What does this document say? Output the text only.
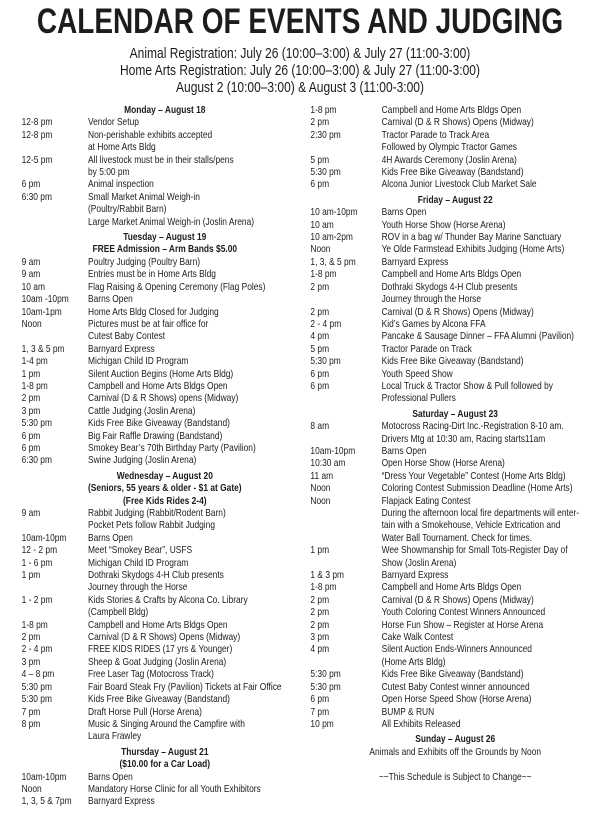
CALENDAR OF EVENTS AND JUDGING
Animal Registration: July 26 (10:00–3:00) & July 27 (11:00-3:00)
Home Arts Registration: July 26 (10:00–3:00) & July 27 (11:00-3:00)
August 2 (10:00–3:00) & August 3 (11:00-3:00)
Monday – August 18
12-8 pm	Vendor Setup
12-8 pm	Non-perishable exhibits accepted
at Home Arts Bldg
12-5 pm	All livestock must be in their stalls/pens
by 5:00 pm
6 pm	Animal inspection
6:30 pm	Small Market Animal Weigh-in
(Poultry/Rabbit Barn)
Large Market Animal Weigh-in (Joslin Arena)
Tuesday – August 19
FREE Admission – Arm Bands $5.00
9 am	Poultry Judging (Poultry Barn)
9 am	Entries must be in Home Arts Bldg
10 am	Flag Raising & Opening Ceremony (Flag Poles)
10am -10pm	Barns Open
10am-1pm	Home Arts Bldg Closed for Judging
Noon	Pictures must be at fair office for
Cutest Baby Contest
1, 3 & 5 pm	Barnyard Express
1-4 pm	Michigan Child ID Program
1 pm	Silent Auction Begins (Home Arts Bldg)
1-8 pm	Campbell and Home Arts Bldgs Open
2 pm	Carnival (D & R Shows) opens (Midway)
3 pm	Cattle Judging (Joslin Arena)
5:30 pm	Kids Free Bike Giveaway (Bandstand)
6 pm	Big Fair Raffle Drawing (Bandstand)
6 pm	Smokey Bear’s 70th Birthday Party (Pavilion)
6:30 pm	Swine Judging (Joslin Arena)
Wednesday – August 20
(Seniors, 55 years & older - $1 at Gate)
(Free Kids Rides 2-4)
9 am	Rabbit Judging (Rabbit/Rodent Barn)
Pocket Pets follow Rabbit Judging
10am-10pm	Barns Open
12 - 2 pm	Meet “Smokey Bear”, USFS
1 - 6 pm	Michigan Child ID Program
1 pm	Dothraki Skydogs 4-H Club presents
Journey through the Horse
1 - 2 pm	Kids Stories & Crafts by Alcona Co. Library
(Campbell Bldg)
1-8 pm	Campbell and Home Arts Bldgs Open
2 pm	Carnival (D & R Shows) Opens (Midway)
2 - 4 pm	FREE KIDS RIDES (17 yrs & Younger)
3 pm	Sheep & Goat Judging (Joslin Arena)
4 – 8 pm	Free Laser Tag (Motocross Track)
5:30 pm	Fair Board Steak Fry (Pavilion) Tickets at Fair Office
5:30 pm	Kids Free Bike Giveaway (Bandstand)
7 pm	Draft Horse Pull (Horse Arena)
8 pm	Music & Singing Around the Campfire with
Laura Frawley
Thursday – August 21
($10.00 for a Car Load)
10am-10pm	Barns Open
Noon	Mandatory Horse Clinic for all Youth Exhibitors
1, 3, 5 & 7pm	Barnyard Express
1-8 pm	Campbell and Home Arts Bldgs Open
2 pm	Carnival (D & R Shows) Opens (Midway)
2:30 pm	Tractor Parade to Track Area
Followed by Olympic Tractor Games
5 pm	4H Awards Ceremony (Joslin Arena)
5:30 pm	Kids Free Bike Giveaway (Bandstand)
6 pm	Alcona Junior Livestock Club Market Sale
Friday – August 22
10 am-10pm	Barns Open
10 am	Youth Horse Show (Horse Arena)
10 am-2pm	ROV in a bag w/ Thunder Bay Marine Sanctuary
Noon	Ye Olde Farmstead Exhibits Judging (Home Arts)
1, 3, & 5 pm	Barnyard Express
1-8 pm	Campbell and Home Arts Bldgs Open
2 pm	Dothraki Skydogs 4-H Club presents
Journey through the Horse
2 pm	Carnival (D & R Shows) Opens (Midway)
2 - 4 pm	Kid’s Games by Alcona FFA
4 pm	Pancake & Sausage Dinner – FFA Alumni (Pavilion)
5 pm	Tractor Parade on Track
5:30 pm	Kids Free Bike Giveaway (Bandstand)
6 pm	Youth Speed Show
6 pm	Local Truck & Tractor Show & Pull followed by
Professional Pullers
Saturday – August 23
8 am	Motocross Racing-Dirt Inc.-Registration 8-10 am.
Drivers Mtg at 10:30 am, Racing starts11am
10am-10pm	Barns Open
10:30 am	Open Horse Show (Horse Arena)
11 am	“Dress Your Vegetable” Contest (Home Arts Bldg)
Noon	Coloring Contest Submission Deadline (Home Arts)
Noon	Flapjack Eating Contest
During the afternoon local fire departments will enter-
tain with a Smokehouse, Vehicle Extrication and
Water Ball Tournament. Check for times.
1 pm	Wee Showmanship for Small Tots-Register Day of
Show (Joslin Arena)
1 & 3 pm	Barnyard Express
1-8 pm	Campbell and Home Arts Bldgs Open
2 pm	Carnival (D & R Shows) Opens (Midway)
2 pm	Youth Coloring Contest Winners Announced
2 pm	Horse Fun Show – Register at Horse Arena
3 pm	Cake Walk Contest
4 pm	Silent Auction Ends-Winners Announced
(Home Arts Bldg)
5:30 pm	Kids Free Bike Giveaway (Bandstand)
5:30 pm	Cutest Baby Contest winner announced
6 pm	Open Horse Speed Show (Horse Arena)
7 pm	BUMP & RUN
10 pm	All Exhibits Released
Sunday – August 26
Animals and Exhibits off the Grounds by Noon
~~This Schedule is Subject to Change~~
